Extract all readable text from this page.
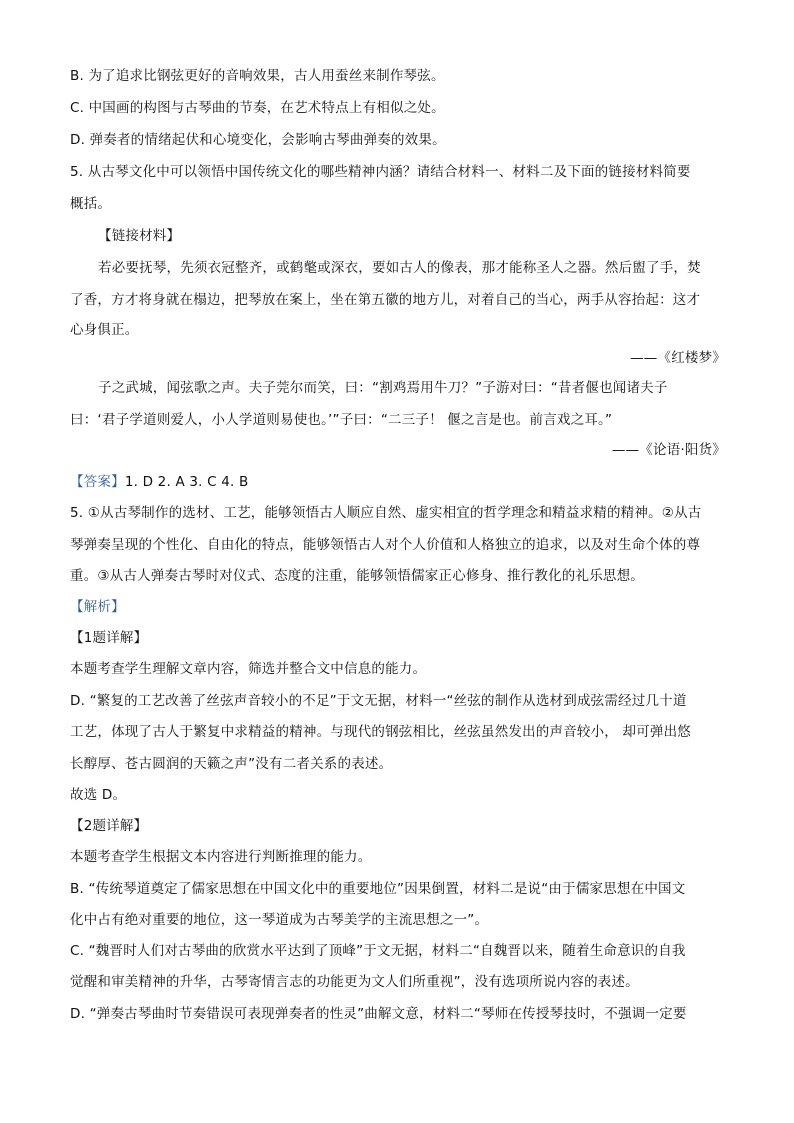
B. 为了追求比钢弦更好的音响效果，古人用蚕丝来制作琴弦。
C. 中国画的构图与古琴曲的节奏，在艺术特点上有相似之处。
D. 弹奏者的情绪起伏和心境变化，会影响古琴曲弹奏的效果。
5. 从古琴文化中可以领悟中国传统文化的哪些精神内涵？请结合材料一、材料二及下面的链接材料简要
概括。
【链接材料】
若必要抚琴，先须衣冠整齐，或鹤氅或深衣，要如古人的像表，那才能称圣人之器。然后盥了手，焚
了香，方才将身就在榻边，把琴放在案上，坐在第五徽的地方儿，对着自己的当心，两手从容抬起：这才
心身俱正。
——《红楼梦》
子之武城，闻弦歌之声。夫子莞尔而笑，曰：“割鸡焉用牛刀？”子游对曰：“昔者偃也闻诸夫子
曰：‘君子学道则爱人，小人学道则易使也。’”子曰：“二三子！ 偃之言是也。前言戏之耳。”
——《论语·阳货》
【答案】1. D 2. A 3. C 4. B
5. ①从古琴制作的选材、工艺，能够领悟古人顺应自然、虚实相宜的哲学理念和精益求精的精神。②从古
琴弹奏呈现的个性化、自由化的特点，能够领悟古人对个人价值和人格独立的追求，以及对生命个体的尊
重。③从古人弹奏古琴时对仪式、态度的注重，能够领悟儒家正心修身、推行教化的礼乐思想。
【解析】
【1题详解】
本题考查学生理解文章内容，筛选并整合文中信息的能力。
D. “繁复的工艺改善了丝弦声音较小的不足”于文无据，材料一“丝弦的制作从选材到成弦需经过几十道
工艺，体现了古人于繁复中求精益的精神。与现代的钢弦相比，丝弦虽然发出的声音较小， 却可弹出悠
长醇厚、苍古圆润的天籁之声”没有二者关系的表述。
故选 D。
【2题详解】
本题考查学生根据文本内容进行判断推理的能力。
B. “传统琴道奠定了儒家思想在中国文化中的重要地位”因果倒置，材料二是说“由于儒家思想在中国文
化中占有绝对重要的地位，这一琴道成为古琴美学的主流思想之一”。
C. “魏晋时人们对古琴曲的欣赏水平达到了顶峰”于文无据，材料二“自魏晋以来，随着生命意识的自我
觉醒和审美精神的升华，古琴寄情言志的功能更为文人们所重视”，没有选项所说内容的表述。
D. “弹奏古琴曲时节奏错误可表现弹奏者的性灵”曲解文意，材料二“琴师在传授琴技时，不强调一定要
